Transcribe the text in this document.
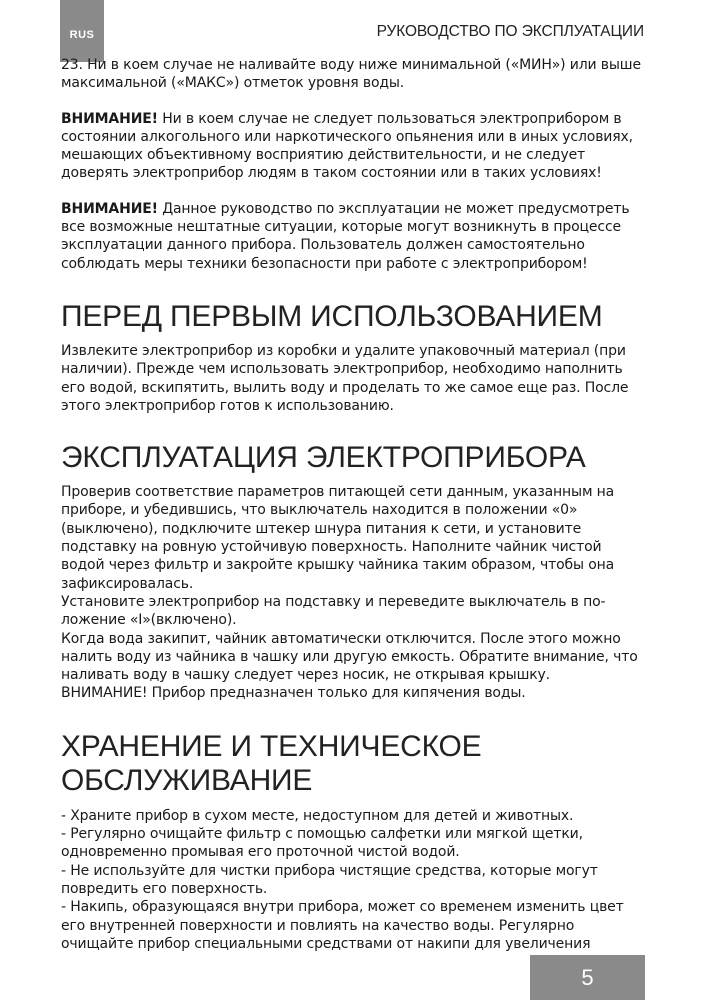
RUS	РУКОВОДСТВО ПО ЭКСПЛУАТАЦИИ

23. Ни в коем случае не наливайте воду ниже минимальной («МИН») или выше максимальной («МАКС») отметок уровня воды.

ВНИМАНИЕ! Ни в коем случае не следует пользоваться электроприбором в состоянии алкогольного или наркотического опьянения или в иных условиях, мешающих объективному восприятию действительности, и не следует доверять электроприбор людям в таком состоянии или в таких условиях!

ВНИМАНИЕ! Данное руководство по эксплуатации не может предусмотреть все возможные нештатные ситуации, которые могут возникнуть в процессе эксплуатации данного прибора. Пользователь должен самостоятельно соблюдать меры техники безопасности при работе с электроприбором!

ПЕРЕД ПЕРВЫМ ИСПОЛЬЗОВАНИЕМ

Извлеките электроприбор из коробки и удалите упаковочный материал (при наличии). Прежде чем использовать электроприбор, необходимо наполнить его водой, вскипятить, вылить воду и проделать то же самое еще раз. После этого электроприбор готов к использованию.

ЭКСПЛУАТАЦИЯ ЭЛЕКТРОПРИБОРА

Проверив соответствие параметров питающей сети данным, указанным на приборе, и убедившись, что выключатель находится в положении «0» (выключено), подключите штекер шнура питания к сети, и установите подставку на ровную устойчивую поверхность. Наполните чайник чистой водой через фильтр и закройте крышку чайника таким образом, чтобы она зафиксировалась.

Установите электроприбор на подставку и переведите выключатель в положение «I»(включено).

Когда вода закипит, чайник автоматически отключится. После этого можно налить воду из чайника в чашку или другую емкость. Обратите внимание, что наливать воду в чашку следует через носик, не открывая крышку.

ВНИМАНИЕ! Прибор предназначен только для кипячения воды.

ХРАНЕНИЕ И ТЕХНИЧЕСКОЕ
ОБСЛУЖИВАНИЕ

- Храните прибор в сухом месте, недоступном для детей и животных.

- Регулярно очищайте фильтр с помощью салфетки или мягкой щетки, одновременно промывая его проточной чистой водой.

- Не используйте для чистки прибора чистящие средства, которые могут повредить его поверхность.

- Накипь, образующаяся внутри прибора, может со временем изменить цвет его внутренней поверхности и повлиять на качество воды. Регулярно очищайте прибор специальными средствами от накипи для увеличения

5
